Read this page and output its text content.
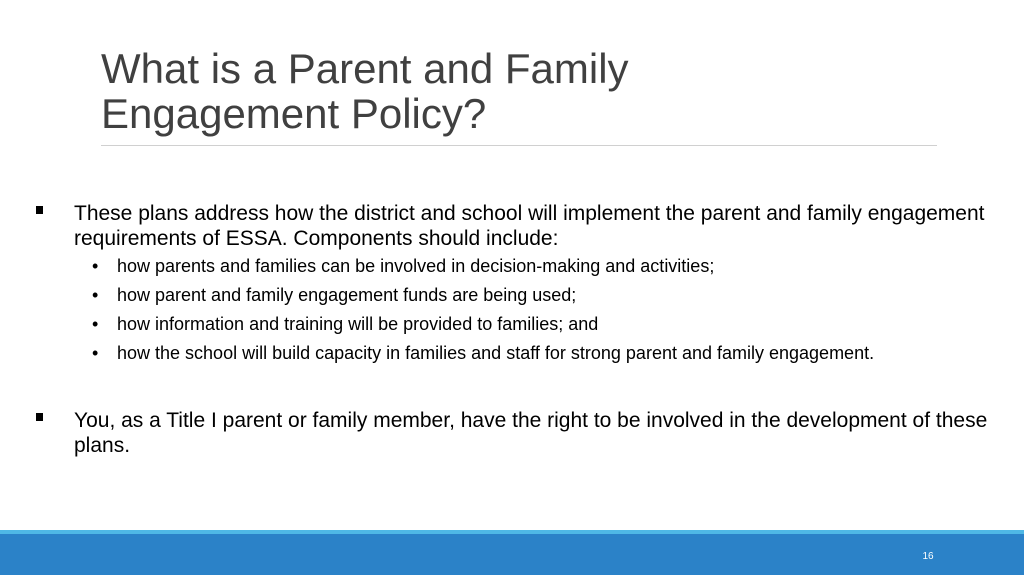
What is a Parent and Family
Engagement Policy?
These plans address how the district and school will implement the parent and family engagement requirements of ESSA. Components should include:
• how parents and families can be involved in decision-making and activities;
• how parent and family engagement funds are being used;
• how information and training will be provided to families; and
• how the school will build capacity in families and staff for strong parent and family engagement.
You, as a Title I parent or family member, have the right to be involved in the development of these plans.
16
